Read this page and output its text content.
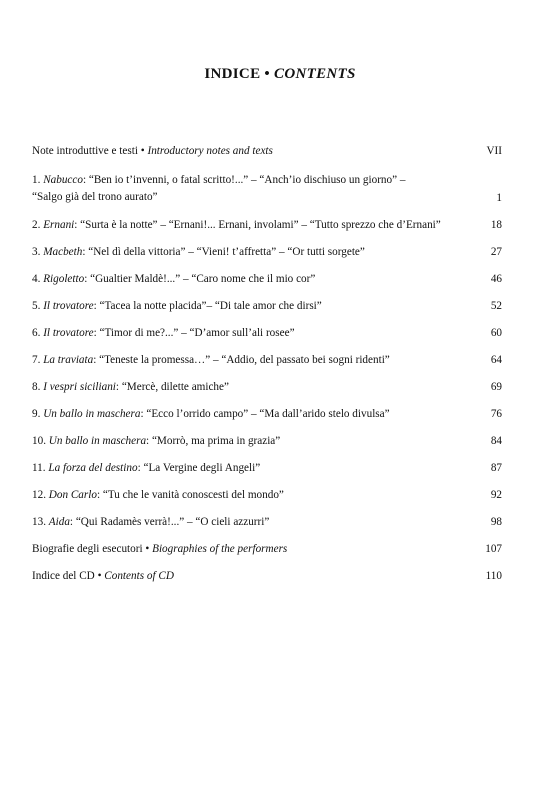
INDICE • CONTENTS
Note introduttive e testi • Introductory notes and texts	VII
1. Nabucco: “Ben io t’invenni, o fatal scritto!...” – “Anch’io dischiuso un giorno” –
“Salgo già del trono aurato”	1
2. Ernani: “Surta è la notte” – “Ernani!... Ernani, involami” – “Tutto sprezzo che d’Ernani”	18
3. Macbeth: “Nel dì della vittoria” – “Vieni! t’affretta” – “Or tutti sorgete”	27
4. Rigoletto: “Gualtier Maldè!...” – “Caro nome che il mio cor”	46
5. Il trovatore: “Tacea la notte placida”– “Di tale amor che dirsi”	52
6. Il trovatore: “Timor di me?...” – “D’amor sull’ali rosee”	60
7. La traviata: “Teneste la promessa…” – “Addio, del passato bei sogni ridenti”	64
8. I vespri siciliani: “Mercè, dilette amiche”	69
9. Un ballo in maschera: “Ecco l’orrido campo” – “Ma dall’arido stelo divulsa”	76
10. Un ballo in maschera: “Morrò, ma prima in grazia”	84
11. La forza del destino: “La Vergine degli Angeli”	87
12. Don Carlo: “Tu che le vanità conoscesti del mondo”	92
13. Aida: “Qui Radamès verrà!...” – “O cieli azzurri”	98
Biografie degli esecutori • Biographies of the performers	107
Indice del CD • Contents of CD	110
